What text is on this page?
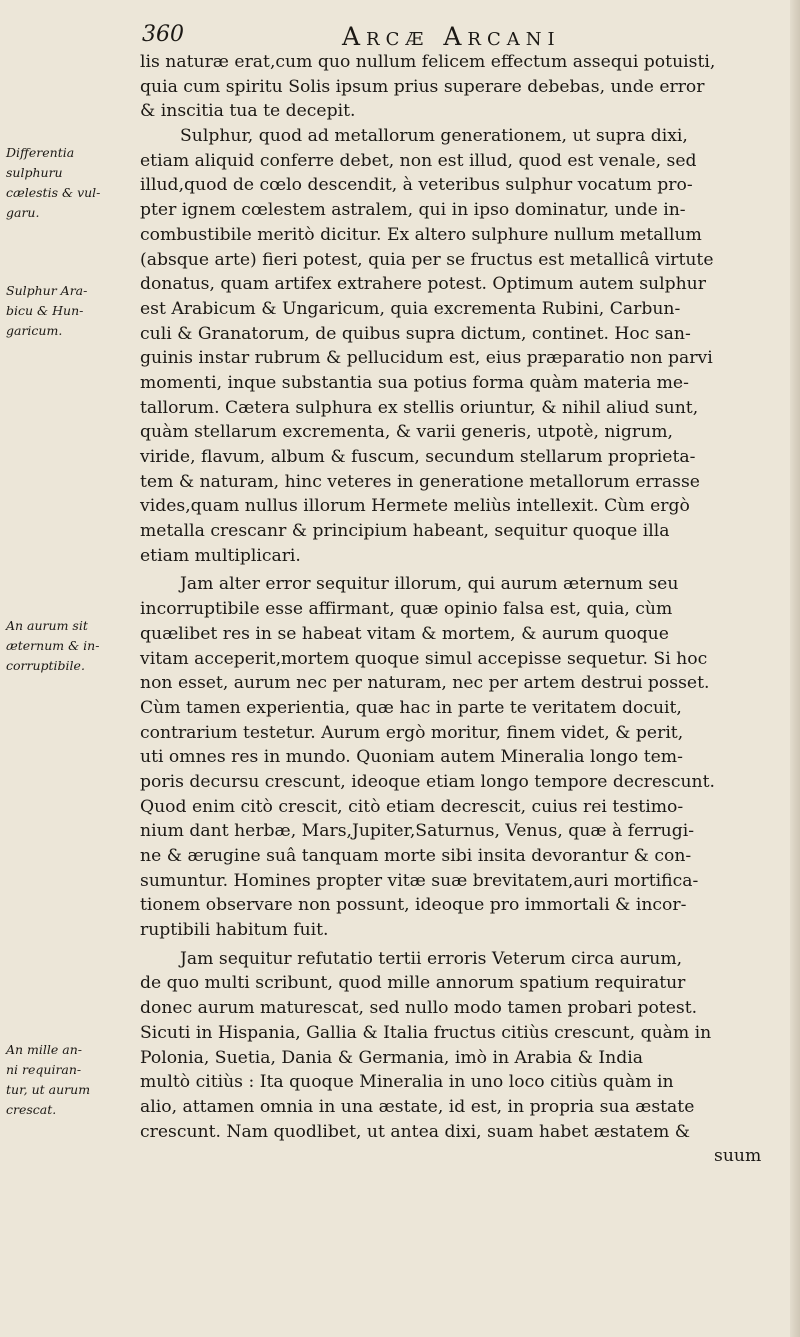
360	Arcæ Arcani
Differentia
sulphuru
cælestis & vul-
garu.
Sulphur Ara-
bicu & Hun-
garicum.
An aurum sit
æternum & in-
corruptibile.
An mille an-
ni requiran-
tur, ut aurum
crescat.
lis naturæ erat,cum quo nullum felicem effectum assequi potuisti,
quia cum spiritu Solis ipsum prius superare debebas, unde error
& inscitia tua te decepit.
Sulphur, quod ad metallorum generationem, ut supra dixi,
etiam aliquid conferre debet, non est illud, quod est venale, sed
illud,quod de cœlo descendit, à veteribus sulphur vocatum pro-
pter ignem cœlestem astralem, qui in ipso dominatur, unde in-
combustibile meritò dicitur. Ex altero sulphure nullum metallum
(absque arte) fieri potest, quia per se fructus est metallicâ virtute
donatus, quam artifex extrahere potest. Optimum autem sulphur
est Arabicum & Ungaricum, quia excrementa Rubini, Carbun-
culi & Granatorum, de quibus supra dictum, continet. Hoc san-
guinis instar rubrum & pellucidum est, eius præparatio non parvi
momenti, inque substantia sua potius forma quàm materia me-
tallorum. Cætera sulphura ex stellis oriuntur, & nihil aliud sunt,
quàm stellarum excrementa, & varii generis, utpotè, nigrum,
viride, flavum, album & fuscum, secundum stellarum proprieta-
tem & naturam, hinc veteres in generatione metallorum errasse
vides,quam nullus illorum Hermete meliùs intellexit. Cùm ergò
metalla crescanr & principium habeant, sequitur quoque illa
etiam multiplicari.
Jam alter error sequitur illorum, qui aurum æternum seu
incorruptibile esse affirmant, quæ opinio falsa est, quia, cùm
quælibet res in se habeat vitam & mortem, & aurum quoque
vitam acceperit,mortem quoque simul accepisse sequetur. Si hoc
non esset, aurum nec per naturam, nec per artem destrui posset.
Cùm tamen experientia, quæ hac in parte te veritatem docuit,
contrarium testetur. Aurum ergò moritur, finem videt, & perit,
uti omnes res in mundo. Quoniam autem Mineralia longo tem-
poris decursu crescunt, ideoque etiam longo tempore decrescunt.
Quod enim citò crescit, citò etiam decrescit, cuius rei testimo-
nium dant herbæ, Mars,Jupiter,Saturnus, Venus, quæ à ferrugi-
ne & ærugine suâ tanquam morte sibi insita devorantur & con-
sumuntur. Homines propter vitæ suæ brevitatem,auri mortifica-
tionem observare non possunt, ideoque pro immortali & incor-
ruptibili habitum fuit.
Jam sequitur refutatio tertii erroris Veterum circa aurum,
de quo multi scribunt, quod mille annorum spatium requiratur
donec aurum maturescat, sed nullo modo tamen probari potest.
Sicuti in Hispania, Gallia & Italia fructus citiùs crescunt, quàm in
Polonia, Suetia, Dania & Germania, imò in Arabia & India
multò citiùs : Ita quoque Mineralia in uno loco citiùs quàm in
alio, attamen omnia in una æstate, id est, in propria sua æstate
crescunt. Nam quodlibet, ut antea dixi, suam habet æstatem &
suum
